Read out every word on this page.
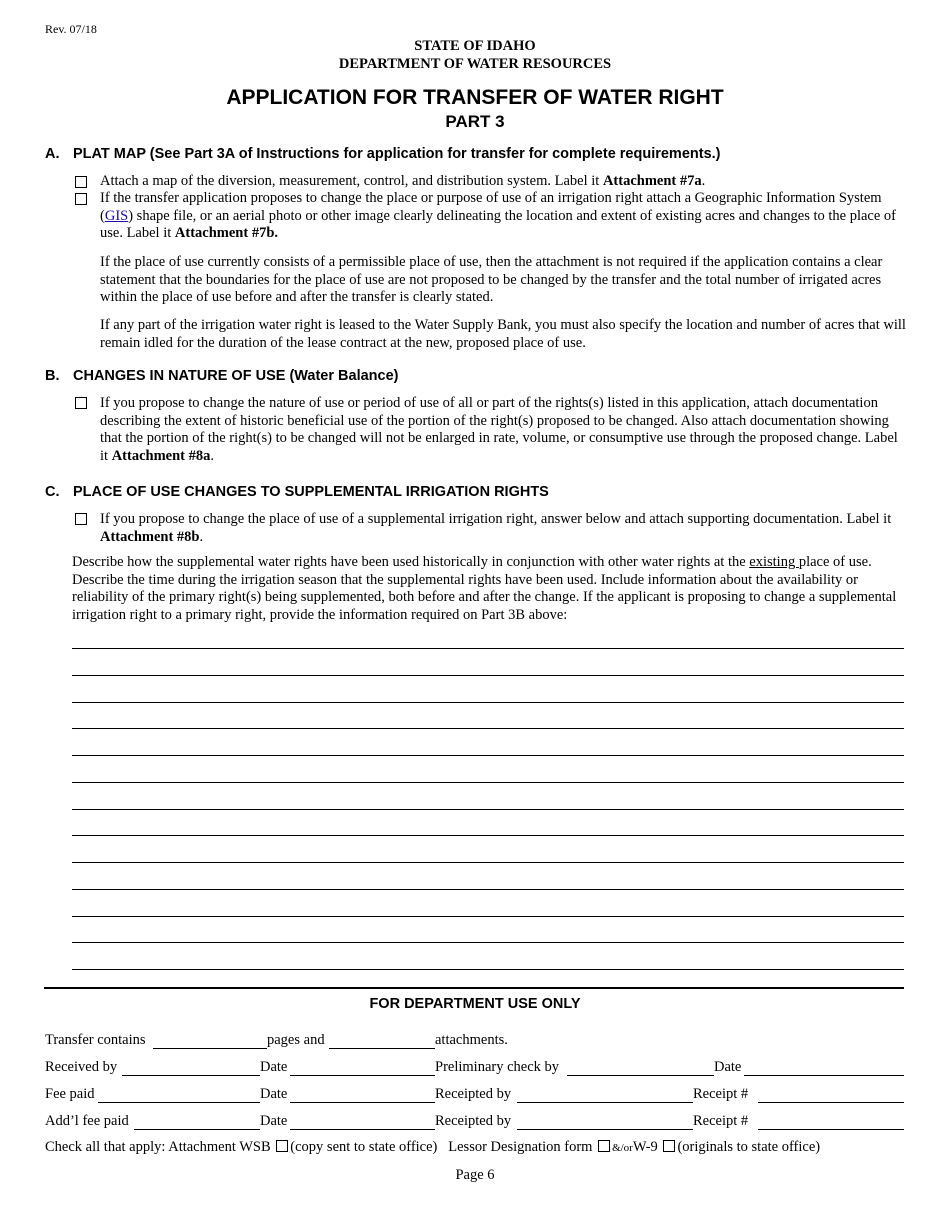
Rev. 07/18
STATE OF IDAHO
DEPARTMENT OF WATER RESOURCES
APPLICATION FOR TRANSFER OF WATER RIGHT
PART 3
A. PLAT MAP (See Part 3A of Instructions for application for transfer for complete requirements.)
Attach a map of the diversion, measurement, control, and distribution system. Label it Attachment #7a.
If the transfer application proposes to change the place or purpose of use of an irrigation right attach a Geographic Information System (GIS) shape file, or an aerial photo or other image clearly delineating the location and extent of existing acres and changes to the place of use. Label it Attachment #7b.
If the place of use currently consists of a permissible place of use, then the attachment is not required if the application contains a clear statement that the boundaries for the place of use are not proposed to be changed by the transfer and the total number of irrigated acres within the place of use before and after the transfer is clearly stated.
If any part of the irrigation water right is leased to the Water Supply Bank, you must also specify the location and number of acres that will remain idled for the duration of the lease contract at the new, proposed place of use.
B. CHANGES IN NATURE OF USE (Water Balance)
If you propose to change the nature of use or period of use of all or part of the rights(s) listed in this application, attach documentation describing the extent of historic beneficial use of the portion of the right(s) proposed to be changed. Also attach documentation showing that the portion of the right(s) to be changed will not be enlarged in rate, volume, or consumptive use through the proposed change. Label it Attachment #8a.
C. PLACE OF USE CHANGES TO SUPPLEMENTAL IRRIGATION RIGHTS
If you propose to change the place of use of a supplemental irrigation right, answer below and attach supporting documentation. Label it Attachment #8b.
Describe how the supplemental water rights have been used historically in conjunction with other water rights at the existing place of use. Describe the time during the irrigation season that the supplemental rights have been used. Include information about the availability or reliability of the primary right(s) being supplemented, both before and after the change. If the applicant is proposing to change a supplemental irrigation right to a primary right, provide the information required on Part 3B above:
FOR DEPARTMENT USE ONLY
Transfer contains	pages and	attachments.
Received by	Date	Preliminary check by	Date
Fee paid	Date	Receipted by	Receipt #
Add’l fee paid	Date	Receipted by	Receipt #
Check all that apply: Attachment WSB (copy sent to state office) Lessor Designation form &/orW-9 (originals to state office)
Page 6
